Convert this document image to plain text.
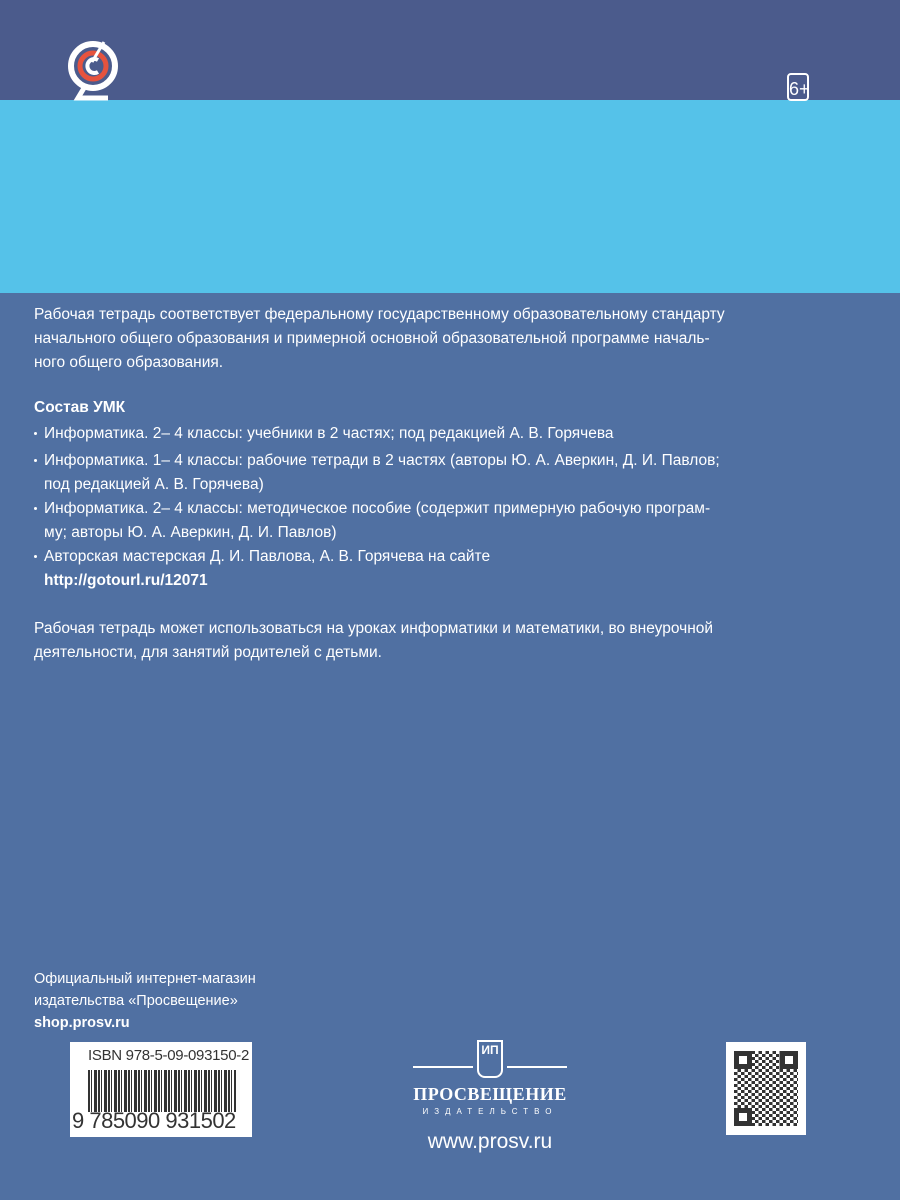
6+
Рабочая тетрадь соответствует федеральному государственному образовательному стандарту
начального общего образования и примерной основной образовательной программе началь-
ного общего образования.
Состав УМК
Информатика. 2– 4 классы: учебники в 2 частях; под редакцией А. В. Горячева
Информатика. 1– 4 классы: рабочие тетради в 2 частях (авторы Ю. А. Аверкин, Д. И. Павлов;
под редакцией А. В. Горячева)
Информатика. 2– 4 классы: методическое пособие (содержит примерную рабочую програм-
му; авторы Ю. А. Аверкин, Д. И. Павлов)
Авторская мастерская Д. И. Павлова, А. В. Горячева на сайте
http://gotourl.ru/12071
Рабочая тетрадь может использоваться на уроках информатики и математики, во внеурочной
деятельности, для занятий родителей с детьми.
Официальный интернет-магазин
издательства «Просвещение»
shop.prosv.ru
ISBN 978-5-09-093150-2
9 785090 931502
ИП
ПРОСВЕЩЕНИЕ
ИЗДАТЕЛЬСТВО
www.prosv.ru
